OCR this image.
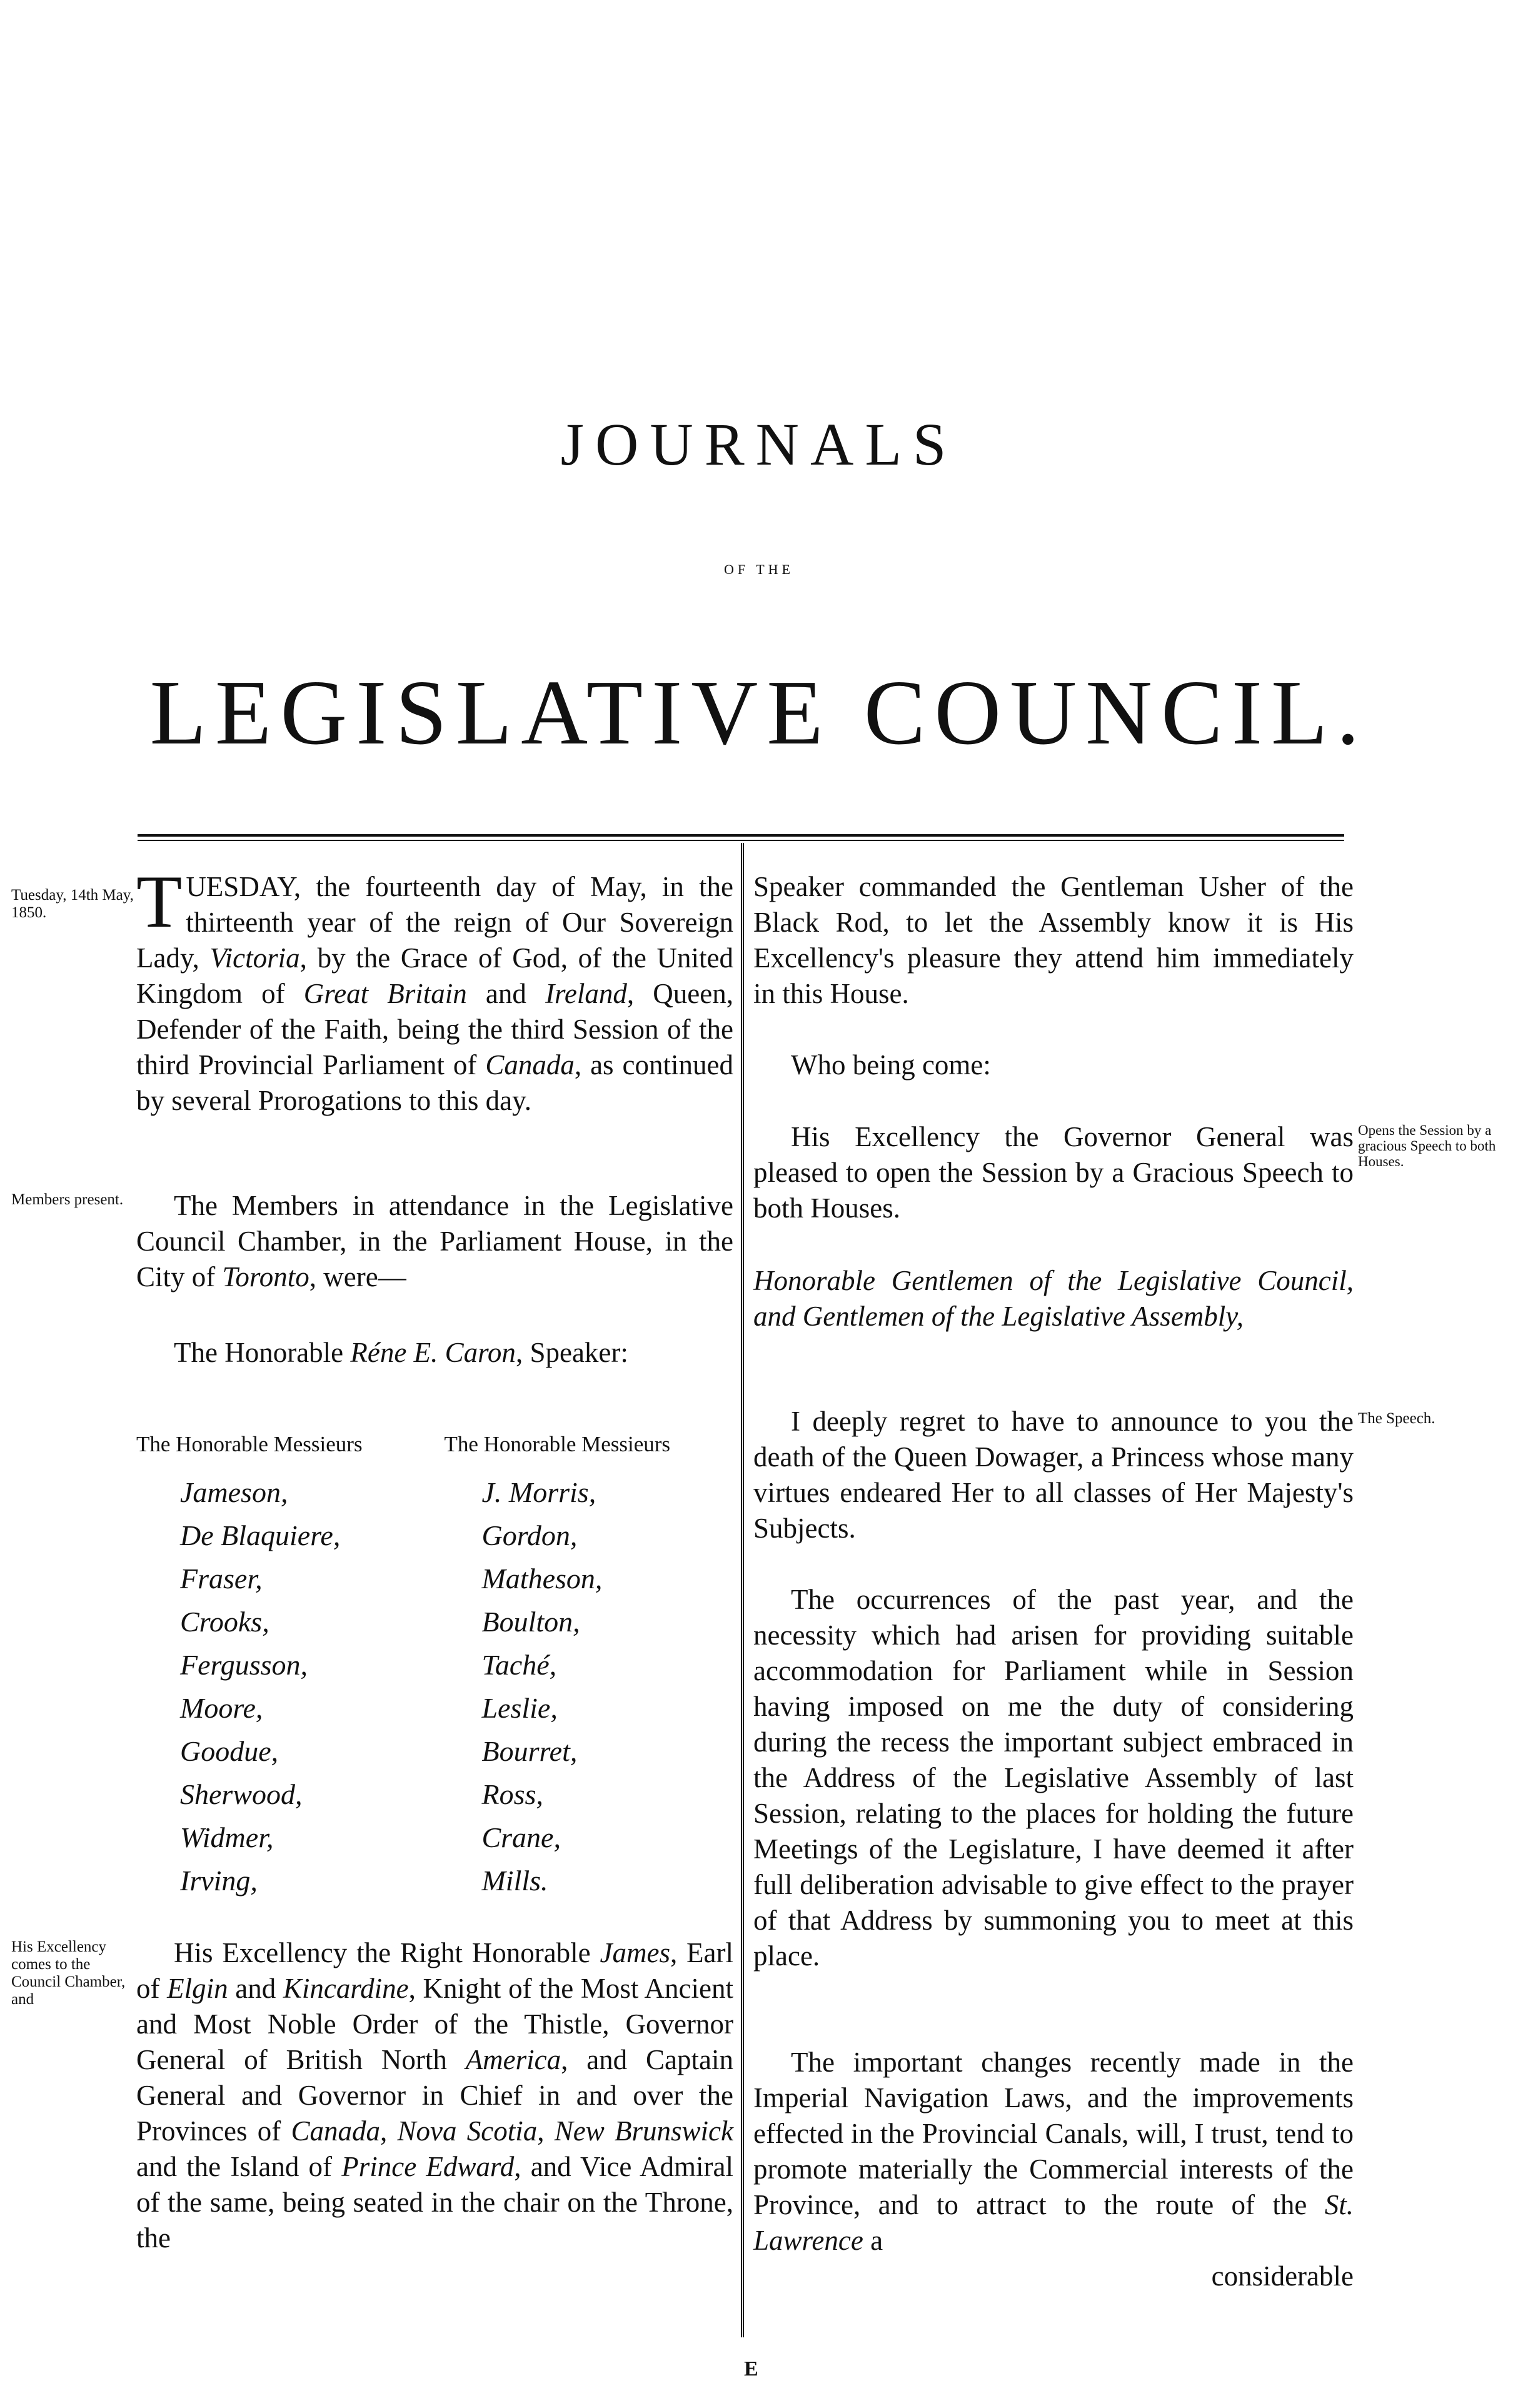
JOURNALS
OF THE
LEGISLATIVE COUNCIL.
Tuesday, 14th May, 1850.
Members present.
His Excellency comes to the Council Chamber, and
Opens the Session by a gracious Speech to both Houses.
The Speech.

TUESDAY, the fourteenth day of May, in the thirteenth year of the reign of Our Sovereign Lady, Victoria, by the Grace of God, of the United Kingdom of Great Britain and Ireland, Queen, Defender of the Faith, being the third Session of the third Provincial Parliament of Canada, as continued by several Prorogations to this day.

The Members in attendance in the Legislative Council Chamber, in the Parliament House, in the City of Toronto, were—

The Honorable Réne E. Caron, Speaker:

The Honorable Messieurs	The Honorable Messieurs
Jameson,	J. Morris,
De Blaquiere,	Gordon,
Fraser,	Matheson,
Crooks,	Boulton,
Fergusson,	Taché,
Moore,	Leslie,
Goodue,	Bourret,
Sherwood,	Ross,
Widmer,	Crane,
Irving,	Mills.

His Excellency the Right Honorable James, Earl of Elgin and Kincardine, Knight of the Most Ancient and Most Noble Order of the Thistle, Governor General of British North America, and Captain General and Governor in Chief in and over the Provinces of Canada, Nova Scotia, New Brunswick and the Island of Prince Edward, and Vice Admiral of the same, being seated in the chair on the Throne, the

Speaker commanded the Gentleman Usher of the Black Rod, to let the Assembly know it is His Excellency's pleasure they attend him immediately in this House.

Who being come:

His Excellency the Governor General was pleased to open the Session by a Gracious Speech to both Houses.

Honorable Gentlemen of the Legislative Council, and Gentlemen of the Legislative Assembly,

I deeply regret to have to announce to you the death of the Queen Dowager, a Princess whose many virtues endeared Her to all classes of Her Majesty's Subjects.

The occurrences of the past year, and the necessity which had arisen for providing suitable accommodation for Parliament while in Session having imposed on me the duty of considering during the recess the important subject embraced in the Address of the Legislative Assembly of last Session, relating to the places for holding the future Meetings of the Legislature, I have deemed it after full deliberation advisable to give effect to the prayer of that Address by summoning you to meet at this place.

The important changes recently made in the Imperial Navigation Laws, and the improvements effected in the Provincial Canals, will, I trust, tend to promote materially the Commercial interests of the Province, and to attract to the route of the St. Lawrence a

considerable

E
